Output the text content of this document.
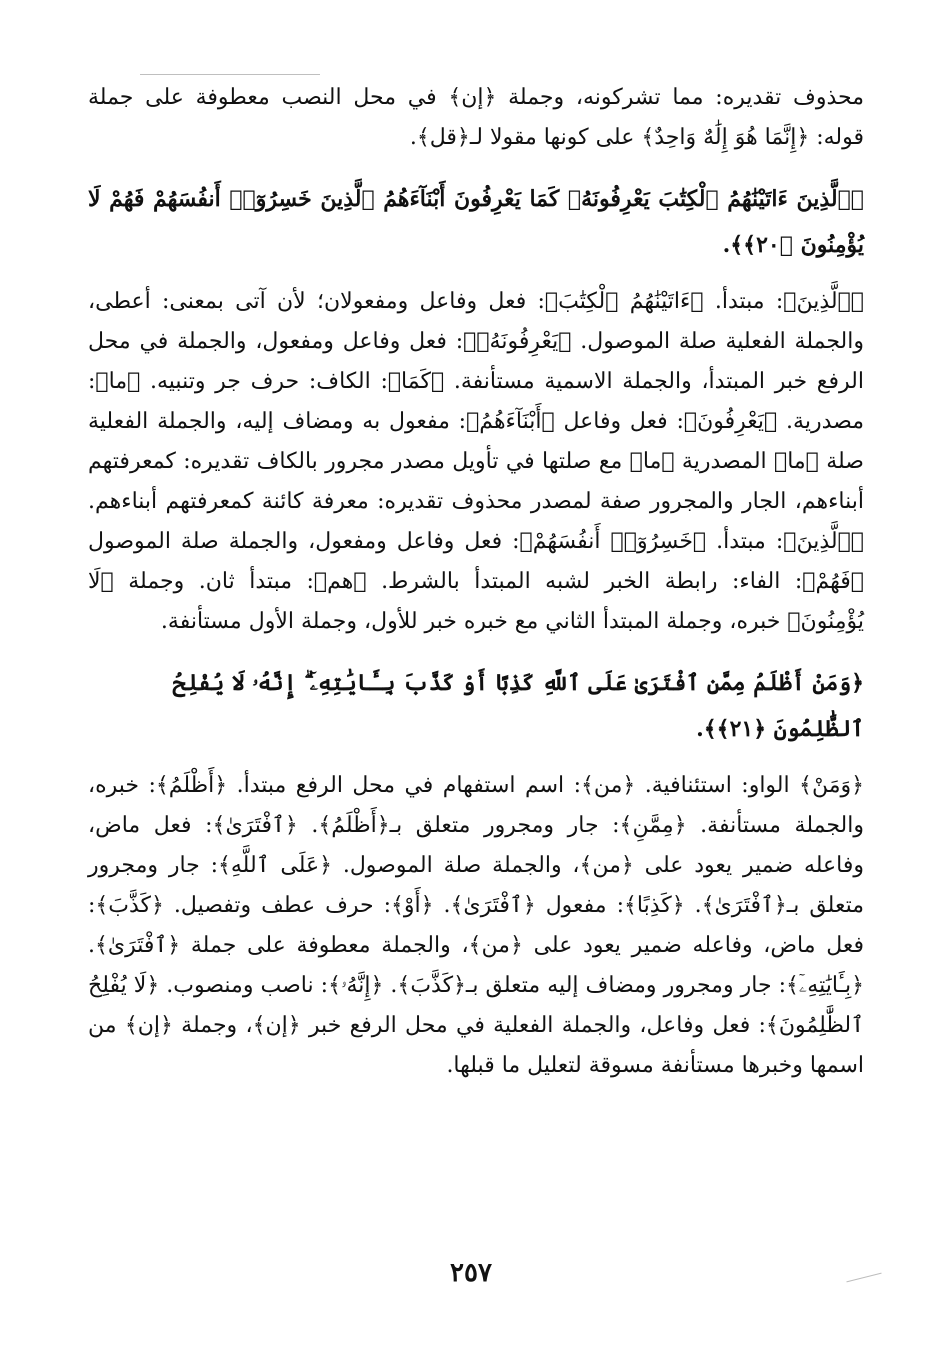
محذوف تقديره: مما تشركونه، وجملة ﴿إن﴾ في محل النصب معطوفة على جملة قوله: ﴿إِنَّمَا هُوَ إِلَٰهٌ وَاحِدٌ﴾ على كونها مقولا لـ﴿قل﴾.

﴿ٱلَّذِينَ ءَاتَيْنَٰهُمُ ٱلْكِتَٰبَ يَعْرِفُونَهُۥ كَمَا يَعْرِفُونَ أَبْنَآءَهُمُ ٱلَّذِينَ خَسِرُوٓا۟ أَنفُسَهُمْ فَهُمْ لَا يُؤْمِنُونَ ﴿٢٠﴾﴾.

﴿ٱلَّذِينَ﴾: مبتدأ. ﴿ءَاتَيْنَٰهُمُ ٱلْكِتَٰبَ﴾: فعل وفاعل ومفعولان؛ لأن آتى بمعنى: أعطى، والجملة الفعلية صلة الموصول. ﴿يَعْرِفُونَهُۥ﴾: فعل وفاعل ومفعول، والجملة في محل الرفع خبر المبتدأ، والجملة الاسمية مستأنفة. ﴿كَمَا﴾: الكاف: حرف جر وتنبيه. ﴿ما﴾: مصدرية. ﴿يَعْرِفُونَ﴾: فعل وفاعل ﴿أَبْنَآءَهُمُ﴾: مفعول به ومضاف إليه، والجملة الفعلية صلة ﴿ما﴾ المصدرية ﴿ما﴾ مع صلتها في تأويل مصدر مجرور بالكاف تقديره: كمعرفتهم أبناءهم، الجار والمجرور صفة لمصدر محذوف تقديره: معرفة كائنة كمعرفتهم أبناءهم. ﴿ٱلَّذِينَ﴾: مبتدأ. ﴿خَسِرُوٓا۟ أَنفُسَهُمْ﴾: فعل وفاعل ومفعول، والجملة صلة الموصول ﴿فَهُمْ﴾: الفاء: رابطة الخبر لشبه المبتدأ بالشرط. ﴿هم﴾: مبتدأ ثان. وجملة ﴿لَا يُؤْمِنُونَ﴾ خبره، وجملة المبتدأ الثاني مع خبره خبر للأول، وجملة الأول مستأنفة.

﴿وَمَنْ أَظْلَمُ مِمَّنِ ٱفْتَرَىٰ عَلَى ٱللَّهِ كَذِبًا أَوْ كَذَّبَ بِـَٔايَٰتِهِۦٓ ۗ إِنَّهُۥ لَا يُفْلِحُ ٱلظَّٰلِمُونَ ﴿٢١﴾﴾.

﴿وَمَنْ﴾ الواو: استئنافية. ﴿من﴾: اسم استفهام في محل الرفع مبتدأ. ﴿أَظْلَمُ﴾: خبره، والجملة مستأنفة. ﴿مِمَّنِ﴾: جار ومجرور متعلق بـ﴿أَظْلَمُ﴾. ﴿ٱفْتَرَىٰ﴾: فعل ماض، وفاعله ضمير يعود على ﴿من﴾، والجملة صلة الموصول. ﴿عَلَى ٱللَّهِ﴾: جار ومجرور متعلق بـ﴿ٱفْتَرَىٰ﴾. ﴿كَذِبًا﴾: مفعول ﴿ٱفْتَرَىٰ﴾. ﴿أَوْ﴾: حرف عطف وتفصيل. ﴿كَذَّبَ﴾: فعل ماض، وفاعله ضمير يعود على ﴿من﴾، والجملة معطوفة على جملة ﴿ٱفْتَرَىٰ﴾. ﴿بِـَٔايَٰتِهِۦٓ﴾: جار ومجرور ومضاف إليه متعلق بـ﴿كَذَّبَ﴾. ﴿إِنَّهُۥ﴾: ناصب ومنصوب. ﴿لَا يُفْلِحُ ٱلظَّٰلِمُونَ﴾: فعل وفاعل، والجملة الفعلية في محل الرفع خبر ﴿إن﴾، وجملة ﴿إن﴾ من اسمها وخبرها مستأنفة مسوقة لتعليل ما قبلها.

٢٥٧
